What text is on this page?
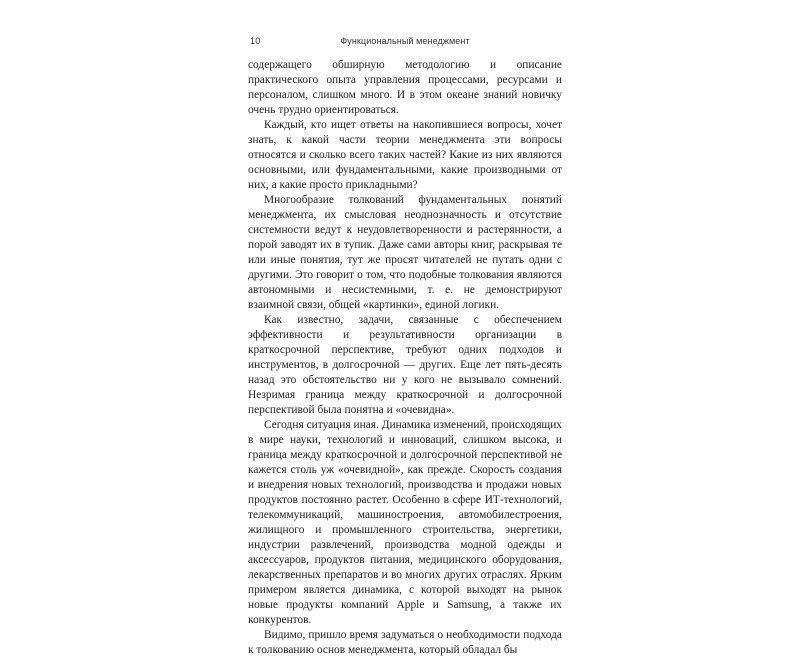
10	Функциональный менеджмент

содержащего обширную методологию и описание практического опыта управления процессами, ресурсами и персоналом, слишком много. И в этом океане знаний новичку очень трудно ориентироваться.

Каждый, кто ищет ответы на накопившиеся вопросы, хочет знать, к какой части теории менеджмента эти вопросы относятся и сколько всего таких частей? Какие из них являются основными, или фундаментальными, какие производными от них, а какие просто прикладными?

Многообразие толкований фундаментальных понятий менеджмента, их смысловая неоднозначность и отсутствие системности ведут к неудовлетворенности и растерянности, а порой заводят их в тупик. Даже сами авторы книг, раскрывая те или иные понятия, тут же просят читателей не путать одни с другими. Это говорит о том, что подобные толкования являются автономными и несистемными, т. е. не демонстрируют взаимной связи, общей «картинки», единой логики.

Как известно, задачи, связанные с обеспечением эффективности и результативности организации в краткосрочной перспективе, требуют одних подходов и инструментов, в долгосрочной — других. Еще лет пять-десять назад это обстоятельство ни у кого не вызывало сомнений. Незримая граница между краткосрочной и долгосрочной перспективой была понятна и «очевидна».

Сегодня ситуация иная. Динамика изменений, происходящих в мире науки, технологий и инноваций, слишком высока, и граница между краткосрочной и долгосрочной перспективой не кажется столь уж «очевидной», как прежде. Скорость создания и внедрения новых технологий, производства и продажи новых продуктов постоянно растет. Особенно в сфере ИТ-технологий, телекоммуникаций, машиностроения, автомобилестроения, жилищного и промышленного строительства, энергетики, индустрии развлечений, производства модной одежды и аксессуаров, продуктов питания, медицинского оборудования, лекарственных препаратов и во многих других отраслях. Ярким примером является динамика, с которой выходят на рынок новые продукты компаний Apple и Samsung, а также их конкурентов.

Видимо, пришло время задуматься о необходимости подхода к толкованию основ менеджмента, который обладал бы
